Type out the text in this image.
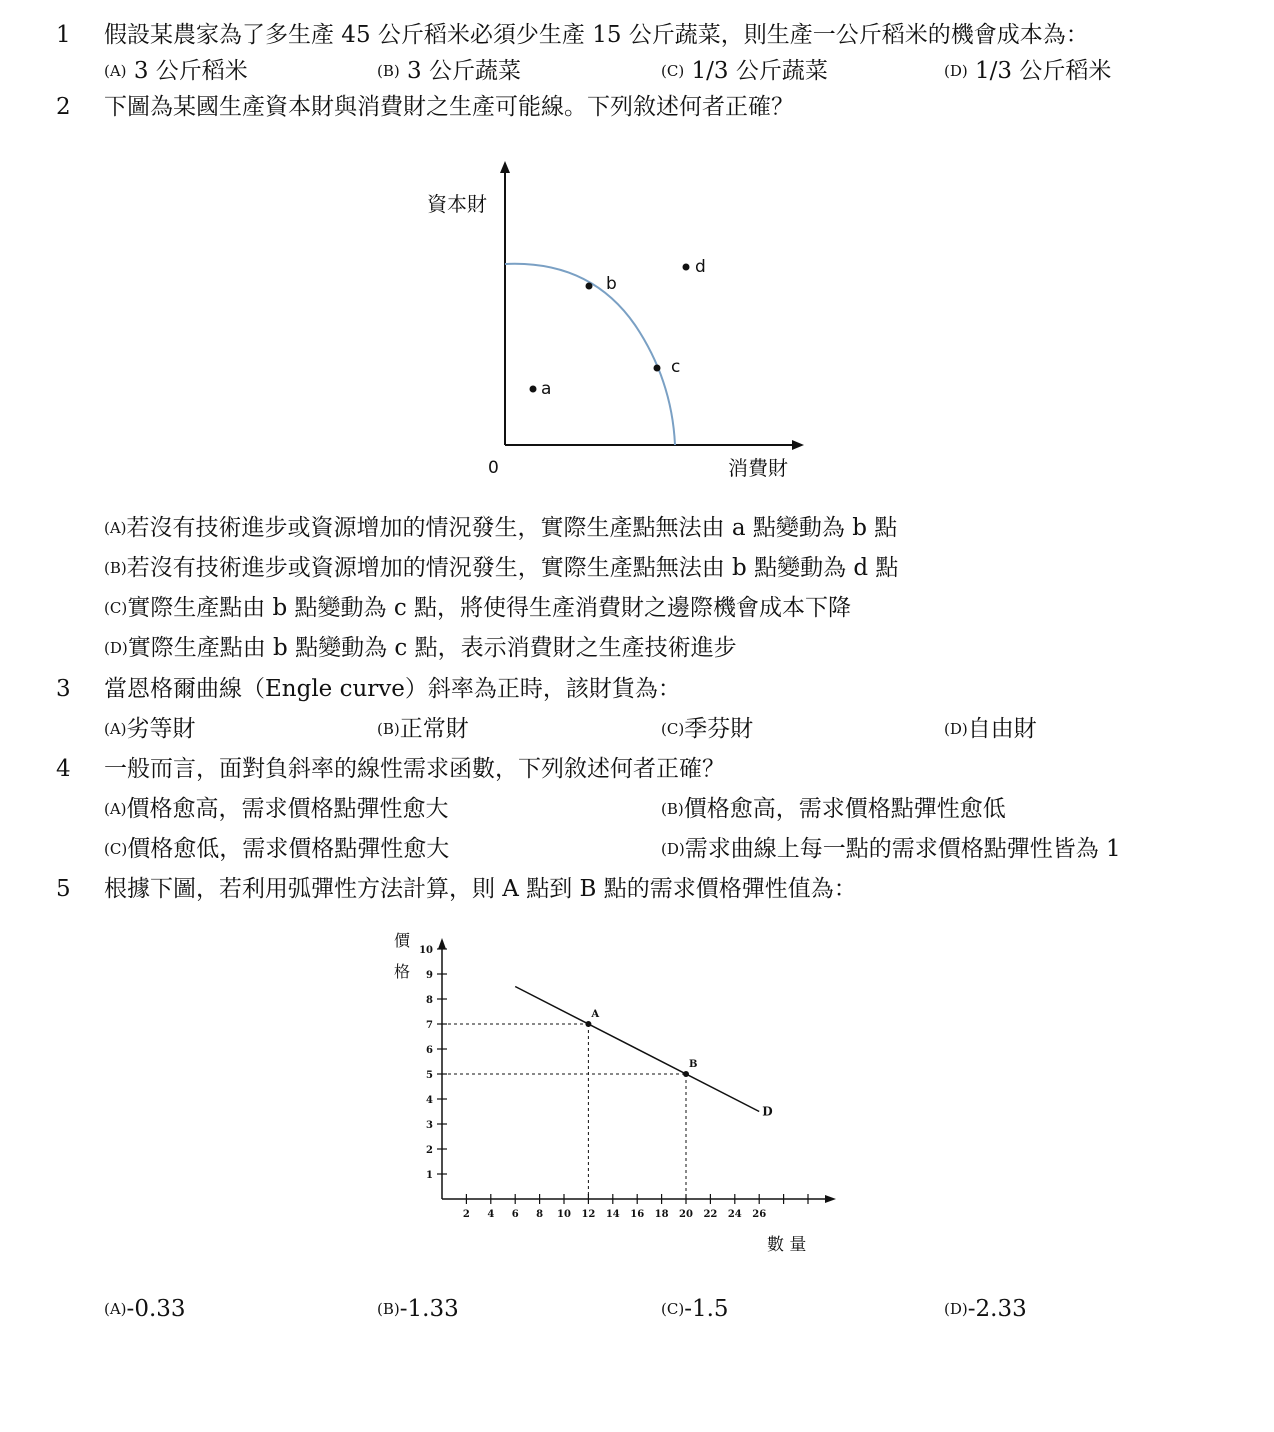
1 假設某農家為了多生產 45 公斤稻米必須少生產 15 公斤蔬菜，則生產一公斤稻米的機會成本為：
(A) 3 公斤稻米	(B) 3 公斤蔬菜	(C) 1/3 公斤蔬菜	(D) 1/3 公斤稻米
2 下圖為某國生產資本財與消費財之生產可能線。下列敘述何者正確？
資本財
消費財
0
a
b
c
d
(A)若沒有技術進步或資源增加的情況發生，實際生產點無法由 a 點變動為 b 點
(B)若沒有技術進步或資源增加的情況發生，實際生產點無法由 b 點變動為 d 點
(C)實際生產點由 b 點變動為 c 點，將使得生產消費財之邊際機會成本下降
(D)實際生產點由 b 點變動為 c 點，表示消費財之生產技術進步
3 當恩格爾曲線（Engle curve）斜率為正時，該財貨為：
(A)劣等財	(B)正常財	(C)季芬財	(D)自由財
4 一般而言，面對負斜率的線性需求函數，下列敘述何者正確？
(A)價格愈高，需求價格點彈性愈大	(B)價格愈高，需求價格點彈性愈低
(C)價格愈低，需求價格點彈性愈大	(D)需求曲線上每一點的需求價格點彈性皆為 1
5 根據下圖，若利用弧彈性方法計算，則 A 點到 B 點的需求價格彈性值為：
價
格
數 量
2 4 6 8 10 12 14 16 18 20 22 24 26
1
2
3
4
5
6
7
8
9
10
D
A
B
(A)-0.33	(B)-1.33	(C)-1.5	(D)-2.33
